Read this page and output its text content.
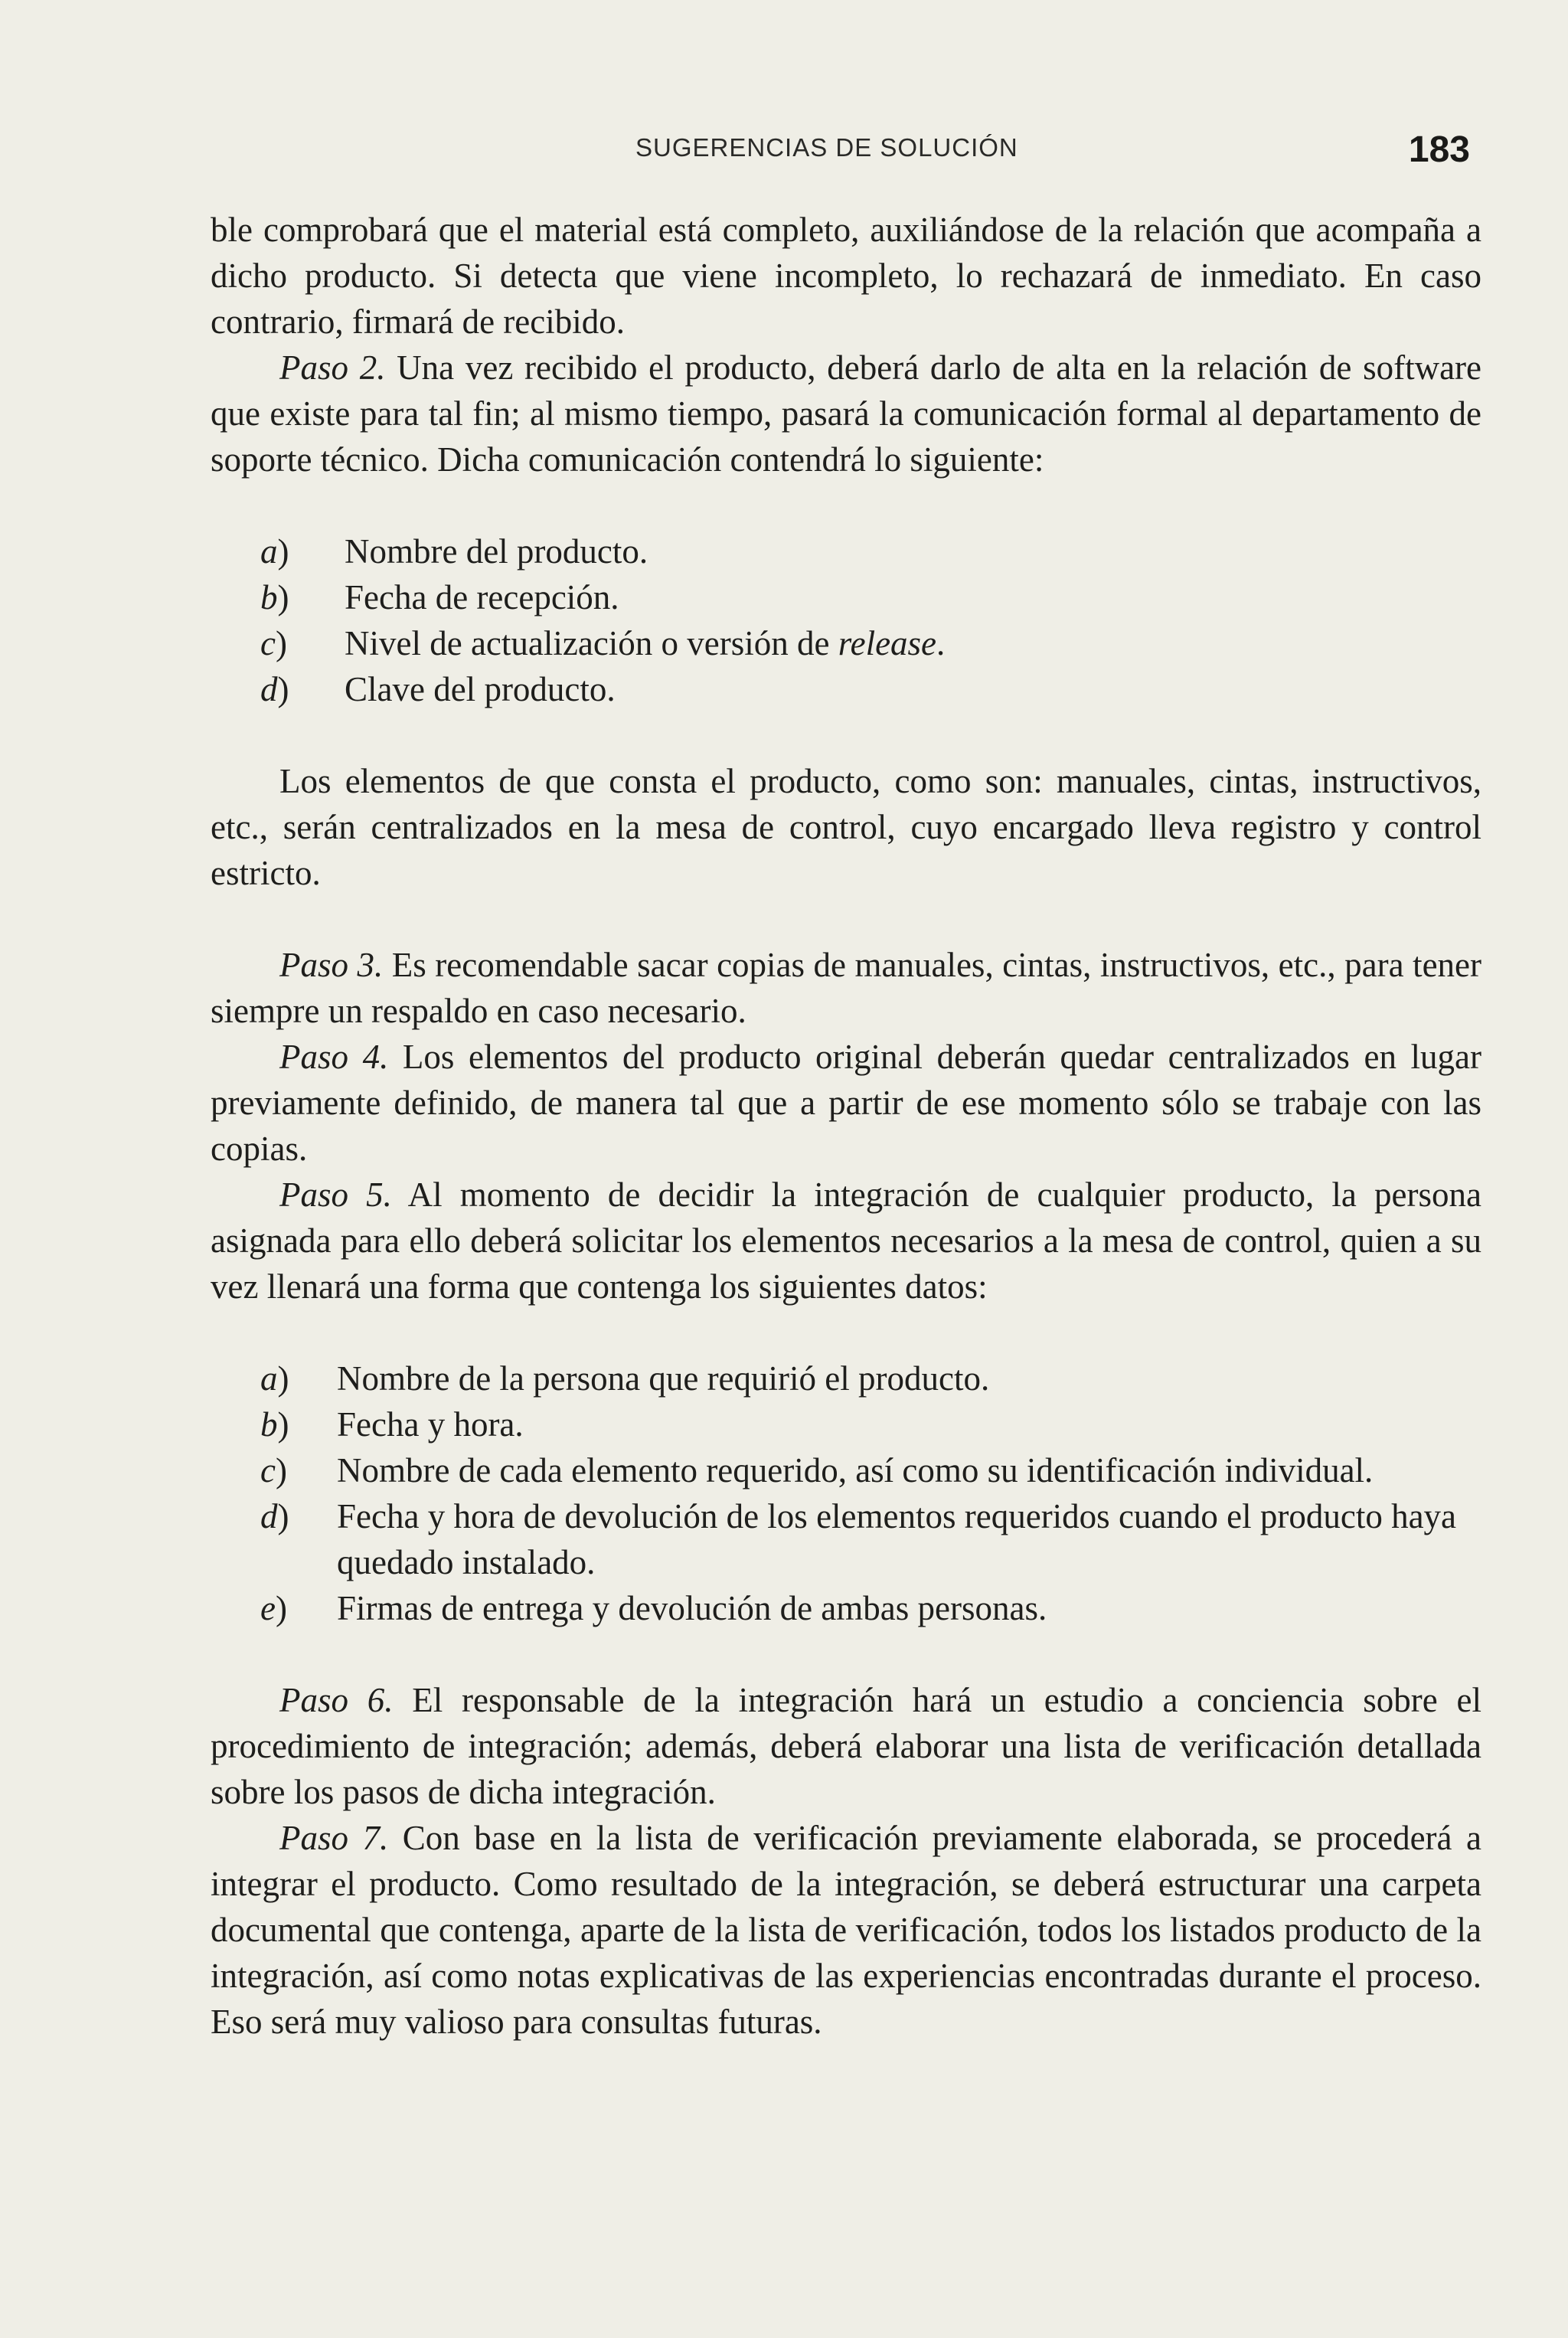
SUGERENCIAS DE SOLUCIÓN	183

ble comprobará que el material está completo, auxiliándose de la relación que acompaña a dicho producto. Si detecta que viene incompleto, lo rechazará de inmediato. En caso contrario, firmará de recibido.

Paso 2. Una vez recibido el producto, deberá darlo de alta en la relación de software que existe para tal fin; al mismo tiempo, pasará la comunicación formal al departamento de soporte técnico. Dicha comunicación contendrá lo siguiente:

a)	Nombre del producto.
b)	Fecha de recepción.
c)	Nivel de actualización o versión de release.
d)	Clave del producto.

Los elementos de que consta el producto, como son: manuales, cintas, instructivos, etc., serán centralizados en la mesa de control, cuyo encargado lleva registro y control estricto.

Paso 3. Es recomendable sacar copias de manuales, cintas, instructivos, etc., para tener siempre un respaldo en caso necesario.

Paso 4. Los elementos del producto original deberán quedar centralizados en lugar previamente definido, de manera tal que a partir de ese momento sólo se trabaje con las copias.

Paso 5. Al momento de decidir la integración de cualquier producto, la persona asignada para ello deberá solicitar los elementos necesarios a la mesa de control, quien a su vez llenará una forma que contenga los siguientes datos:

a)	Nombre de la persona que requirió el producto.
b)	Fecha y hora.
c)	Nombre de cada elemento requerido, así como su identificación individual.
d)	Fecha y hora de devolución de los elementos requeridos cuando el producto haya quedado instalado.
e)	Firmas de entrega y devolución de ambas personas.

Paso 6. El responsable de la integración hará un estudio a conciencia sobre el procedimiento de integración; además, deberá elaborar una lista de verificación detallada sobre los pasos de dicha integración.

Paso 7. Con base en la lista de verificación previamente elaborada, se procederá a integrar el producto. Como resultado de la integración, se deberá estructurar una carpeta documental que contenga, aparte de la lista de verificación, todos los listados producto de la integración, así como notas explicativas de las experiencias encontradas durante el proceso. Eso será muy valioso para consultas futuras.
